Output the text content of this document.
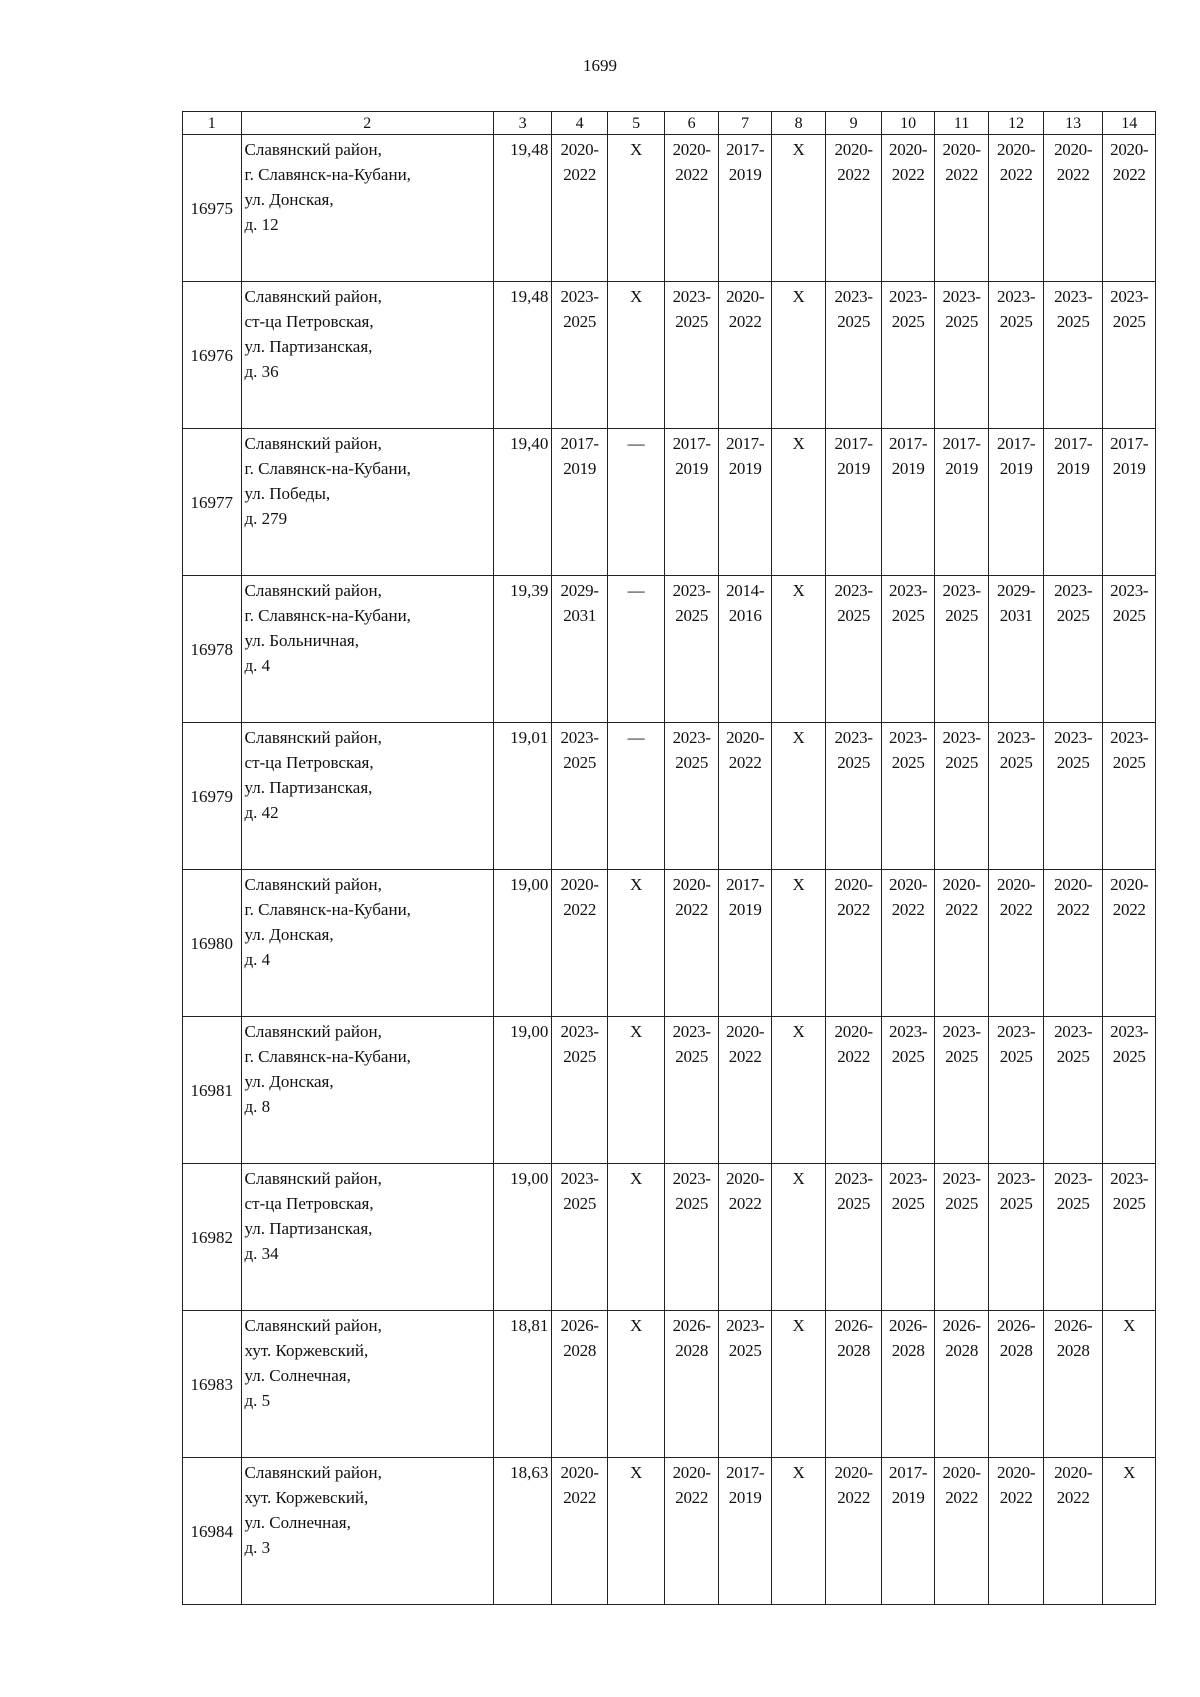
1699
1	2	3	4	5	6	7	8	9	10	11	12	13	14
16975	Славянский район,
г. Славянск-на-Кубани,
ул. Донская,
д. 12	19,48	2020-
2022	X	2020-
2022	2017-
2019	X	2020-
2022	2020-
2022	2020-
2022	2020-
2022	2020-
2022	2020-
2022

16976	Славянский район,
ст-ца Петровская,
ул. Партизанская,
д. 36	19,48	2023-
2025	X	2023-
2025	2020-
2022	X	2023-
2025	2023-
2025	2023-
2025	2023-
2025	2023-
2025	2023-
2025

16977	Славянский район,
г. Славянск-на-Кубани,
ул. Победы,
д. 279	19,40	2017-
2019	—	2017-
2019	2017-
2019	X	2017-
2019	2017-
2019	2017-
2019	2017-
2019	2017-
2019	2017-
2019

16978	Славянский район,
г. Славянск-на-Кубани,
ул. Больничная,
д. 4	19,39	2029-
2031	—	2023-
2025	2014-
2016	X	2023-
2025	2023-
2025	2023-
2025	2029-
2031	2023-
2025	2023-
2025

16979	Славянский район,
ст-ца Петровская,
ул. Партизанская,
д. 42	19,01	2023-
2025	—	2023-
2025	2020-
2022	X	2023-
2025	2023-
2025	2023-
2025	2023-
2025	2023-
2025	2023-
2025

16980	Славянский район,
г. Славянск-на-Кубани,
ул. Донская,
д. 4	19,00	2020-
2022	X	2020-
2022	2017-
2019	X	2020-
2022	2020-
2022	2020-
2022	2020-
2022	2020-
2022	2020-
2022

16981	Славянский район,
г. Славянск-на-Кубани,
ул. Донская,
д. 8	19,00	2023-
2025	X	2023-
2025	2020-
2022	X	2020-
2022	2023-
2025	2023-
2025	2023-
2025	2023-
2025	2023-
2025

16982	Славянский район,
ст-ца Петровская,
ул. Партизанская,
д. 34	19,00	2023-
2025	X	2023-
2025	2020-
2022	X	2023-
2025	2023-
2025	2023-
2025	2023-
2025	2023-
2025	2023-
2025

16983	Славянский район,
хут. Коржевский,
ул. Солнечная,
д. 5	18,81	2026-
2028	X	2026-
2028	2023-
2025	X	2026-
2028	2026-
2028	2026-
2028	2026-
2028	2026-
2028	X
16984	Славянский район,
хут. Коржевский,
ул. Солнечная,
д. 3	18,63	2020-
2022	X	2020-
2022	2017-
2019	X	2020-
2022	2017-
2019	2020-
2022	2020-
2022	2020-
2022	X
